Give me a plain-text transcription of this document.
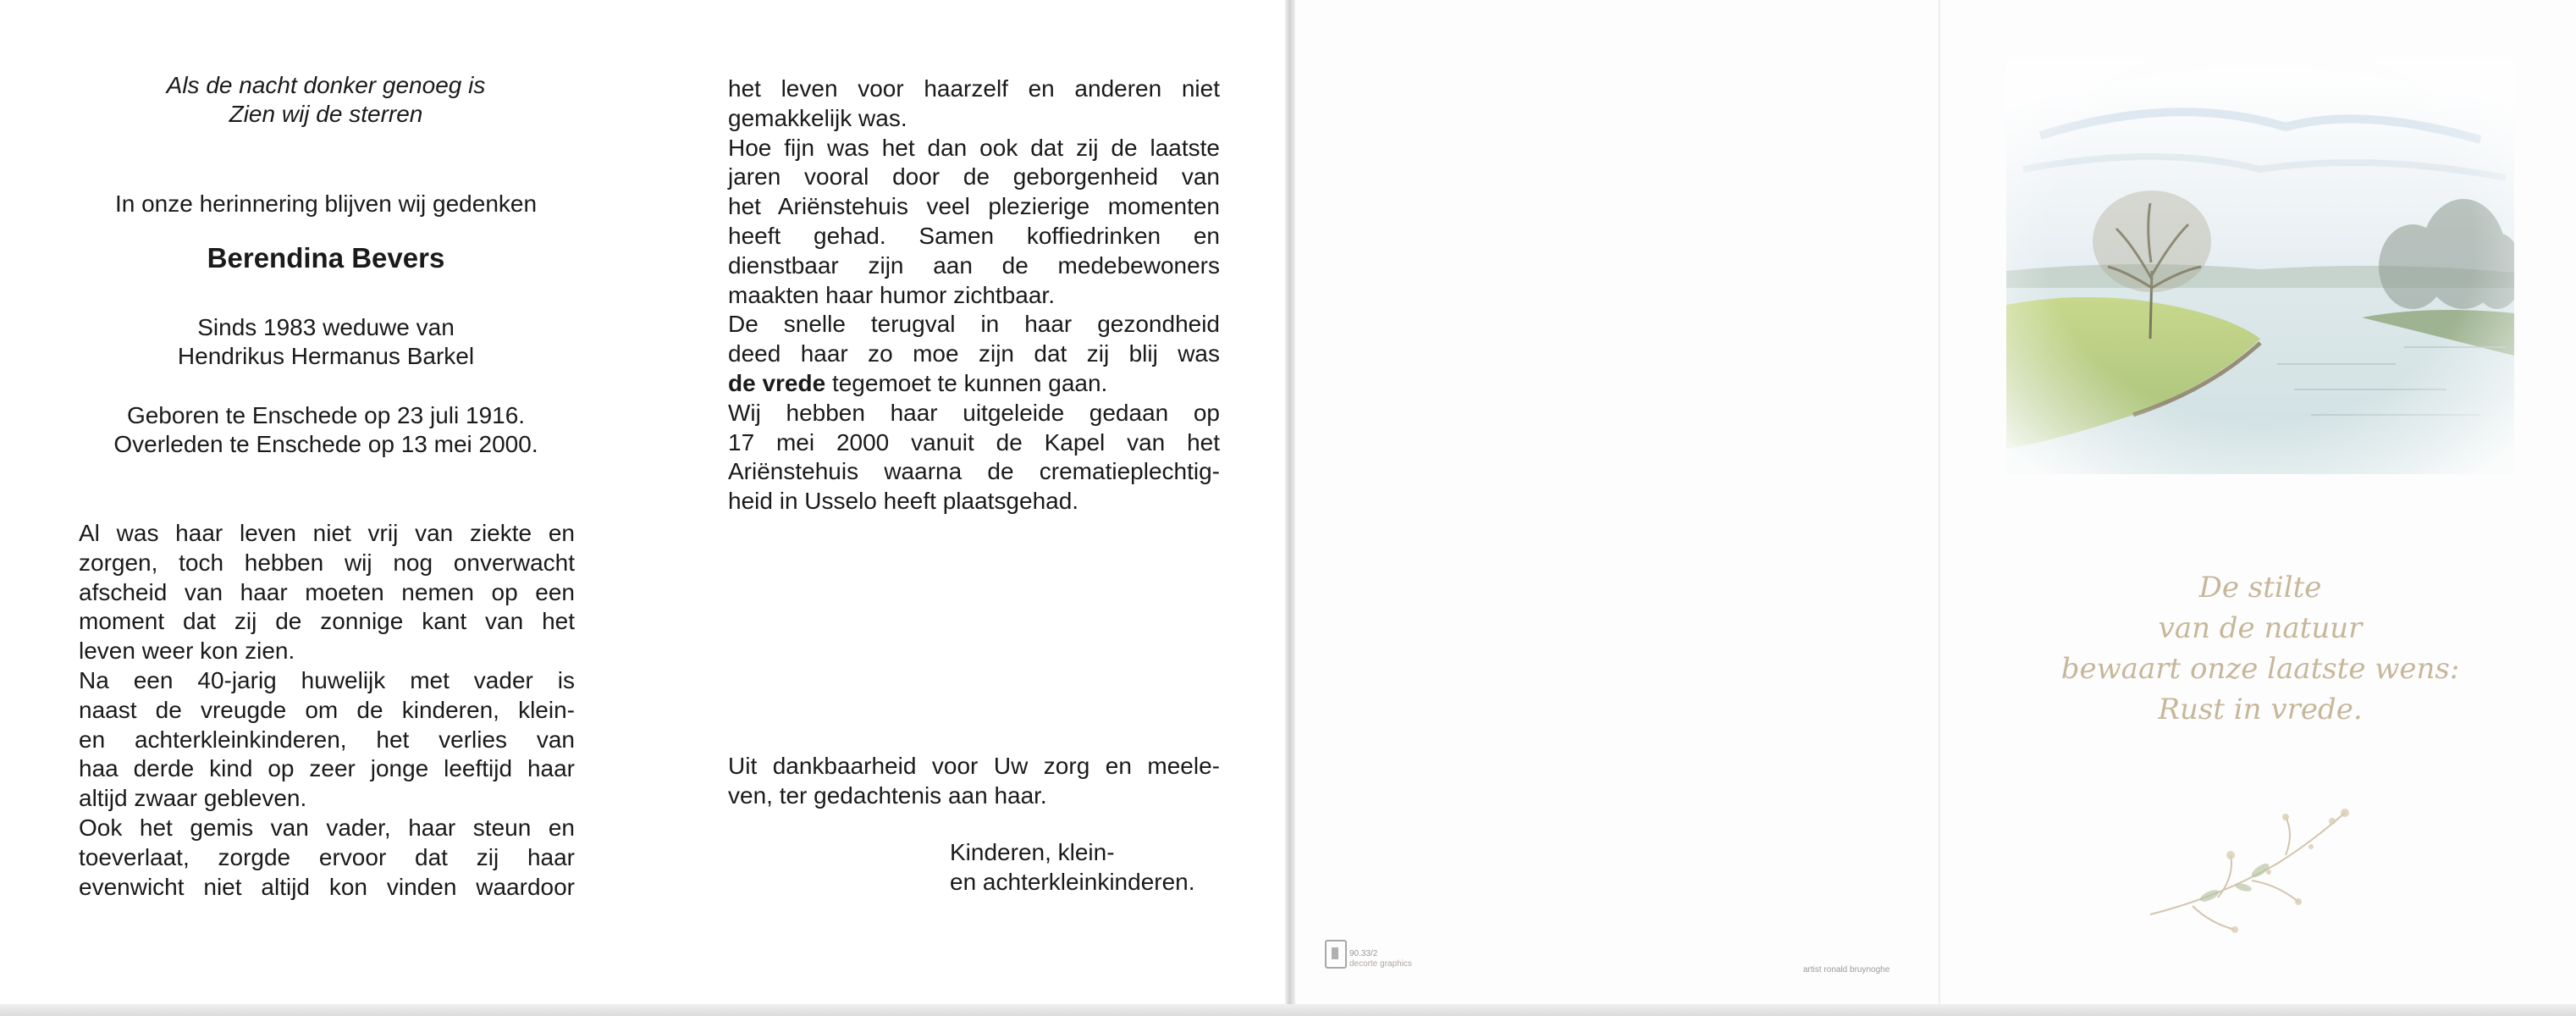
Als de nacht donker genoeg is
Zien wij de sterren
In onze herinnering blijven wij gedenken
Berendina Bevers
Sinds 1983 weduwe van
Hendrikus Hermanus Barkel
Geboren te Enschede op 23 juli 1916.
Overleden te Enschede op 13 mei 2000.
Al was haar leven niet vrij van ziekte en
zorgen, toch hebben wij nog onverwacht
afscheid van haar moeten nemen op een
moment dat zij de zonnige kant van het
leven weer kon zien.
Na een 40-jarig huwelijk met vader is
naast de vreugde om de kinderen, klein-
en achterkleinkinderen, het verlies van
haa derde kind op zeer jonge leeftijd haar
altijd zwaar gebleven.
Ook het gemis van vader, haar steun en
toeverlaat, zorgde ervoor dat zij haar
evenwicht niet altijd kon vinden waardoor
het leven voor haarzelf en anderen niet
gemakkelijk was.
Hoe fijn was het dan ook dat zij de laatste
jaren vooral door de geborgenheid van
het Ariënstehuis veel plezierige momenten
heeft gehad. Samen koffiedrinken en
dienstbaar zijn aan de medebewoners
maakten haar humor zichtbaar.
De snelle terugval in haar gezondheid
deed haar zo moe zijn dat zij blij was
de vrede tegemoet te kunnen gaan.
Wij hebben haar uitgeleide gedaan op
17 mei 2000 vanuit de Kapel van het
Ariënstehuis waarna de crematieplechtig-
heid in Usselo heeft plaatsgehad.
Uit dankbaarheid voor Uw zorg en meele-
ven, ter gedachtenis aan haar.
Kinderen, klein-
en achterkleinkinderen.
90.33/2
decorte graphics
artist ronald bruynoghe
De stilte
van de natuur
bewaart onze laatste wens:
Rust in vrede.
